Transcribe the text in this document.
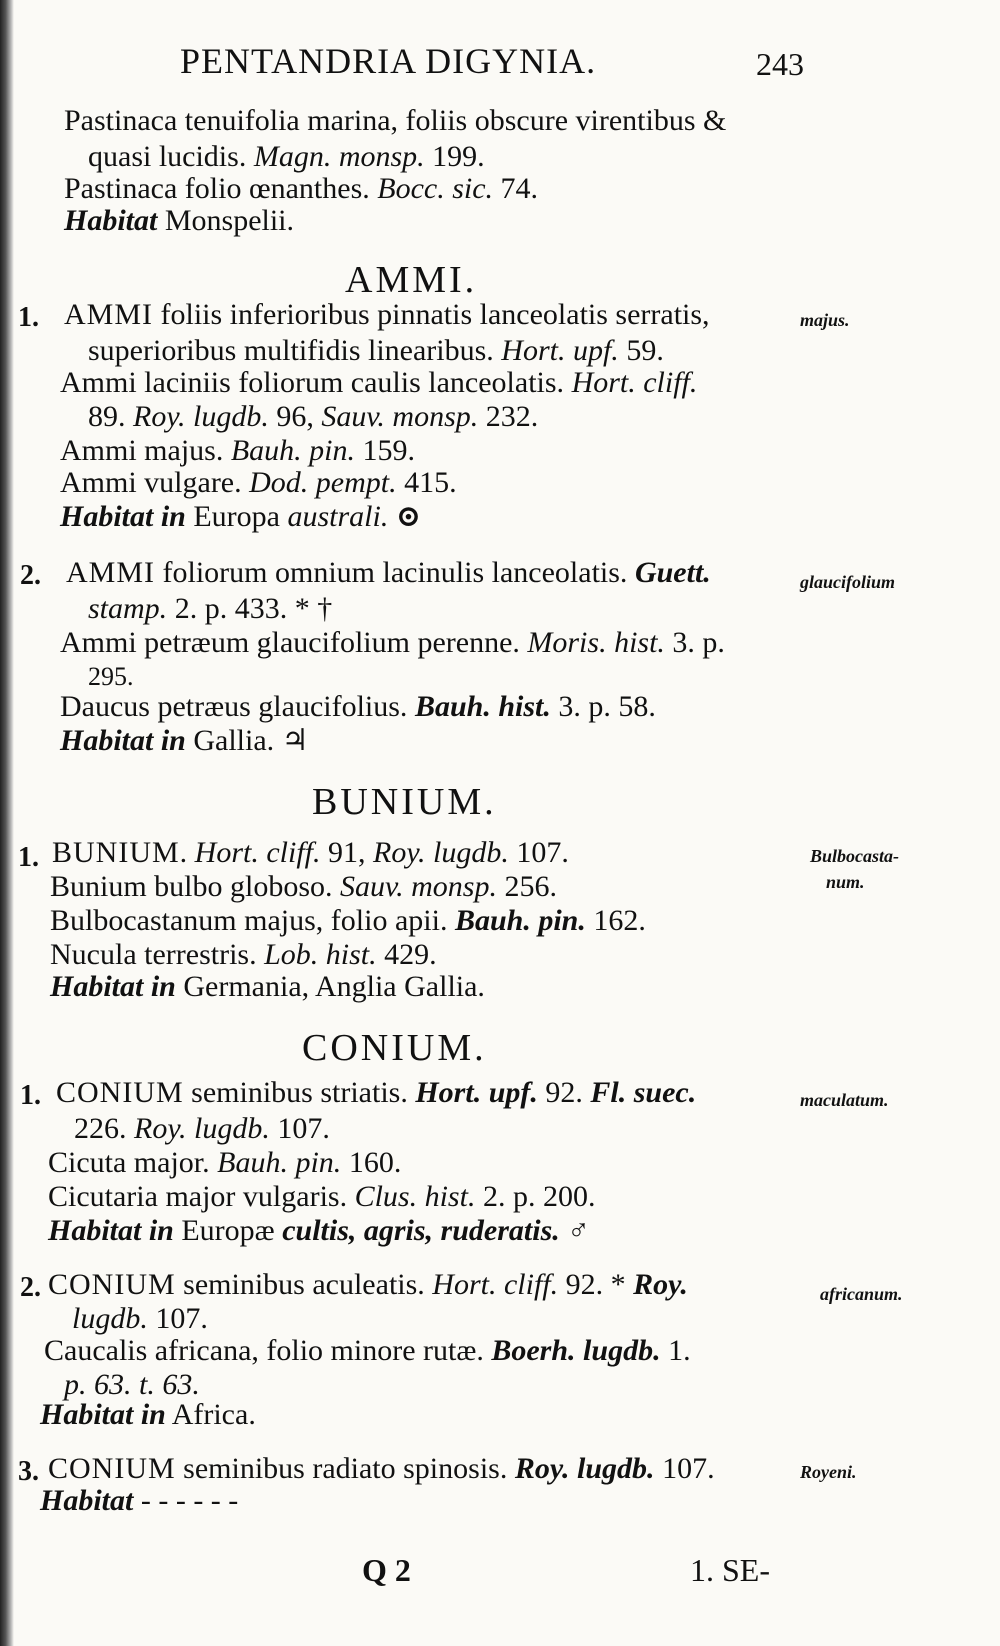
PENTANDRIA DIGYNIA.	243
Pastinaca tenuifolia marina, foliis obscure virentibus &
quasi lucidis. Magn. monsp. 199.
Pastinaca folio œnanthes. Bocc. sic. 74.
Habitat Monspelii.
AMMI.
1. AMMI foliis inferioribus pinnatis lanceolatis serratis,	majus.
superioribus multifidis linearibus. Hort. upf. 59.
Ammi laciniis foliorum caulis lanceolatis. Hort. cliff.
89. Roy. lugdb. 96, Sauv. monsp. 232.
Ammi majus. Bauh. pin. 159.
Ammi vulgare. Dod. pempt. 415.
Habitat in Europa australi. ⊙
2. AMMI foliorum omnium lacinulis lanceolatis. Guett.	glaucifolium
stamp. 2. p. 433. * †
Ammi petræum glaucifolium perenne. Moris. hist. 3. p.
295.
Daucus petræus glaucifolius. Bauh. hist. 3. p. 58.
Habitat in Gallia. ♃
BUNIUM.
1. BUNIUM. Hort. cliff. 91, Roy. lugdb. 107.	Bulbocasta-
num.
Bunium bulbo globoso. Sauv. monsp. 256.
Bulbocastanum majus, folio apii. Bauh. pin. 162.
Nucula terrestris. Lob. hist. 429.
Habitat in Germania, Anglia Gallia.
CONIUM.
1. CONIUM seminibus striatis. Hort. upf. 92. Fl. suec.	maculatum.
226. Roy. lugdb. 107.
Cicuta major. Bauh. pin. 160.
Cicutaria major vulgaris. Clus. hist. 2. p. 200.
Habitat in Europæ cultis, agris, ruderatis. ♂
2. CONIUM seminibus aculeatis. Hort. cliff. 92. * Roy.	africanum.
lugdb. 107.
Caucalis africana, folio minore rutæ. Boerh. lugdb. 1.
p. 63. t. 63.
Habitat in Africa.
3. CONIUM seminibus radiato spinosis. Roy. lugdb. 107.	Royeni.
Habitat - - - - - -
Q 2	1. SE-
